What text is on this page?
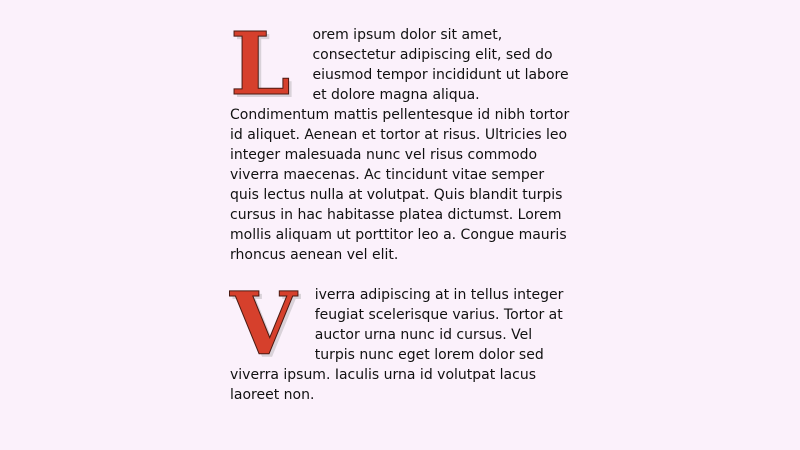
L orem ipsum dolor sit amet, consectetur adipiscing elit, sed do eiusmod tempor incididunt ut labore et dolore magna aliqua. Condimentum mattis pellentesque id nibh tortor id aliquet. Aenean et tortor at risus. Ultricies leo integer malesuada nunc vel risus commodo viverra maecenas. Ac tincidunt vitae semper quis lectus nulla at volutpat. Quis blandit turpis cursus in hac habitasse platea dictumst. Lorem mollis aliquam ut porttitor leo a. Congue mauris rhoncus aenean vel elit.

V iverra adipiscing at in tellus integer feugiat scelerisque varius. Tortor at auctor urna nunc id cursus. Vel turpis nunc eget lorem dolor sed viverra ipsum. Iaculis urna id volutpat lacus laoreet non.
